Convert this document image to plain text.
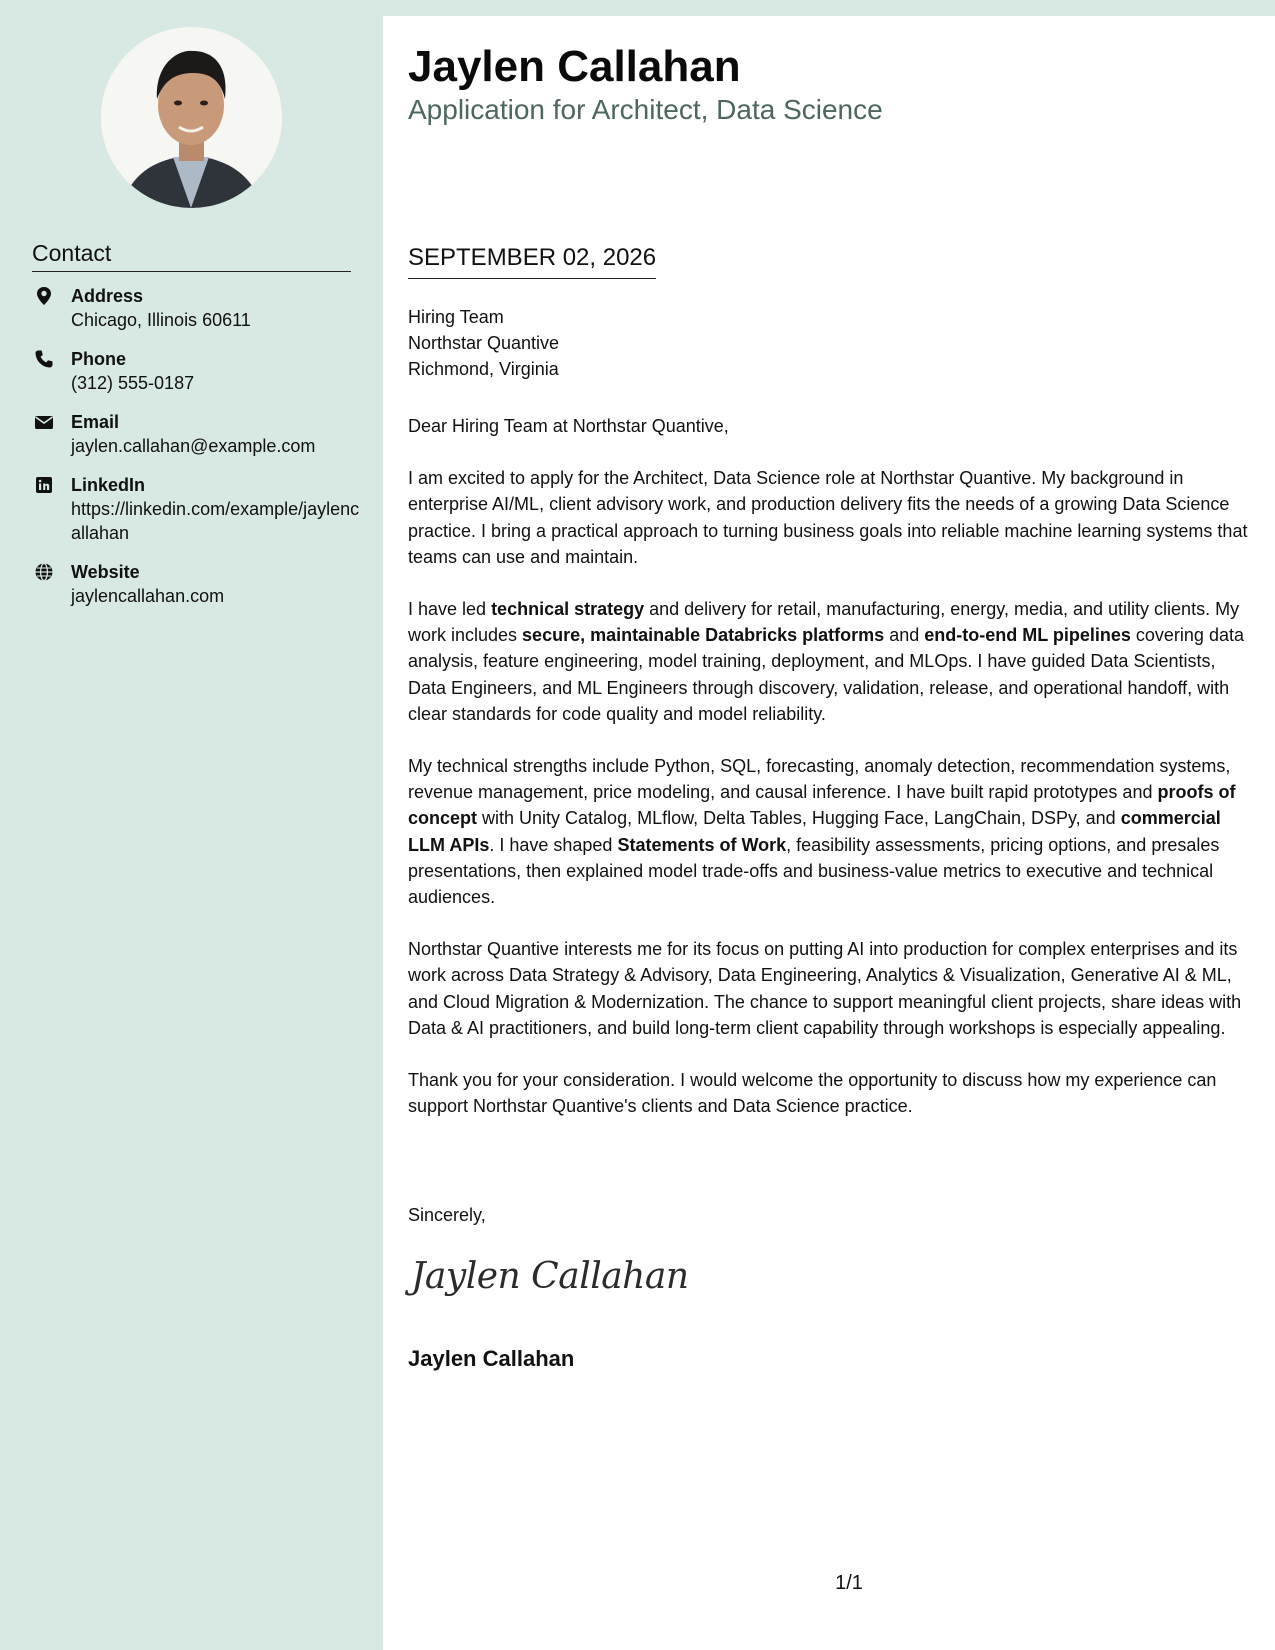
Contact
Address
Chicago, Illinois 60611
Phone
(312) 555-0187
Email
jaylen.callahan@example.com
LinkedIn
https://linkedin.com/example/jaylencallahan
Website
jaylencallahan.com
Jaylen Callahan
Application for Architect, Data Science
SEPTEMBER 02, 2026
Hiring Team
Northstar Quantive
Richmond, Virginia

Dear Hiring Team at Northstar Quantive,

I am excited to apply for the Architect, Data Science role at Northstar Quantive. My background in enterprise AI/ML, client advisory work, and production delivery fits the needs of a growing Data Science practice. I bring a practical approach to turning business goals into reliable machine learning systems that teams can use and maintain.

I have led technical strategy and delivery for retail, manufacturing, energy, media, and utility clients. My work includes secure, maintainable Databricks platforms and end-to-end ML pipelines covering data analysis, feature engineering, model training, deployment, and MLOps. I have guided Data Scientists, Data Engineers, and ML Engineers through discovery, validation, release, and operational handoff, with clear standards for code quality and model reliability.

My technical strengths include Python, SQL, forecasting, anomaly detection, recommendation systems, revenue management, price modeling, and causal inference. I have built rapid prototypes and proofs of concept with Unity Catalog, MLflow, Delta Tables, Hugging Face, LangChain, DSPy, and commercial LLM APIs. I have shaped Statements of Work, feasibility assessments, pricing options, and presales presentations, then explained model trade-offs and business-value metrics to executive and technical audiences.

Northstar Quantive interests me for its focus on putting AI into production for complex enterprises and its work across Data Strategy & Advisory, Data Engineering, Analytics & Visualization, Generative AI & ML, and Cloud Migration & Modernization. The chance to support meaningful client projects, share ideas with Data & AI practitioners, and build long-term client capability through workshops is especially appealing.

Thank you for your consideration. I would welcome the opportunity to discuss how my experience can support Northstar Quantive's clients and Data Science practice.

Sincerely,
Jaylen Callahan
Jaylen Callahan
1/1
